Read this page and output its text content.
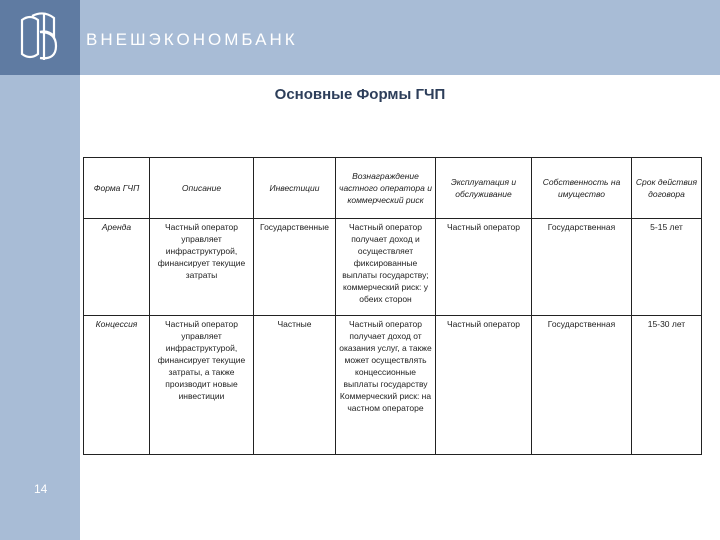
ВНЕШЭКОНОМБАНК
14
Основные Формы ГЧП
Форма ГЧП	Описание	Инвестиции	Вознаграждение частного оператора и коммерческий риск	Эксплуатация и обслуживание	Собственность на имущество	Срок действия договора
Аренда	Частный оператор управляет инфраструктурой, финансирует текущие затраты	Государственные	Частный оператор получает доход и осуществляет фиксированные выплаты государству; коммерческий риск: у обеих сторон	Частный оператор	Государственная	5-15 лет
Концессия	Частный оператор управляет инфраструктурой, финансирует текущие затраты, а также производит новые инвестиции	Частные	Частный оператор получает доход от оказания услуг, а также может осуществлять концессионные выплаты государству Коммерческий риск: на частном операторе	Частный оператор	Государственная	15-30 лет
